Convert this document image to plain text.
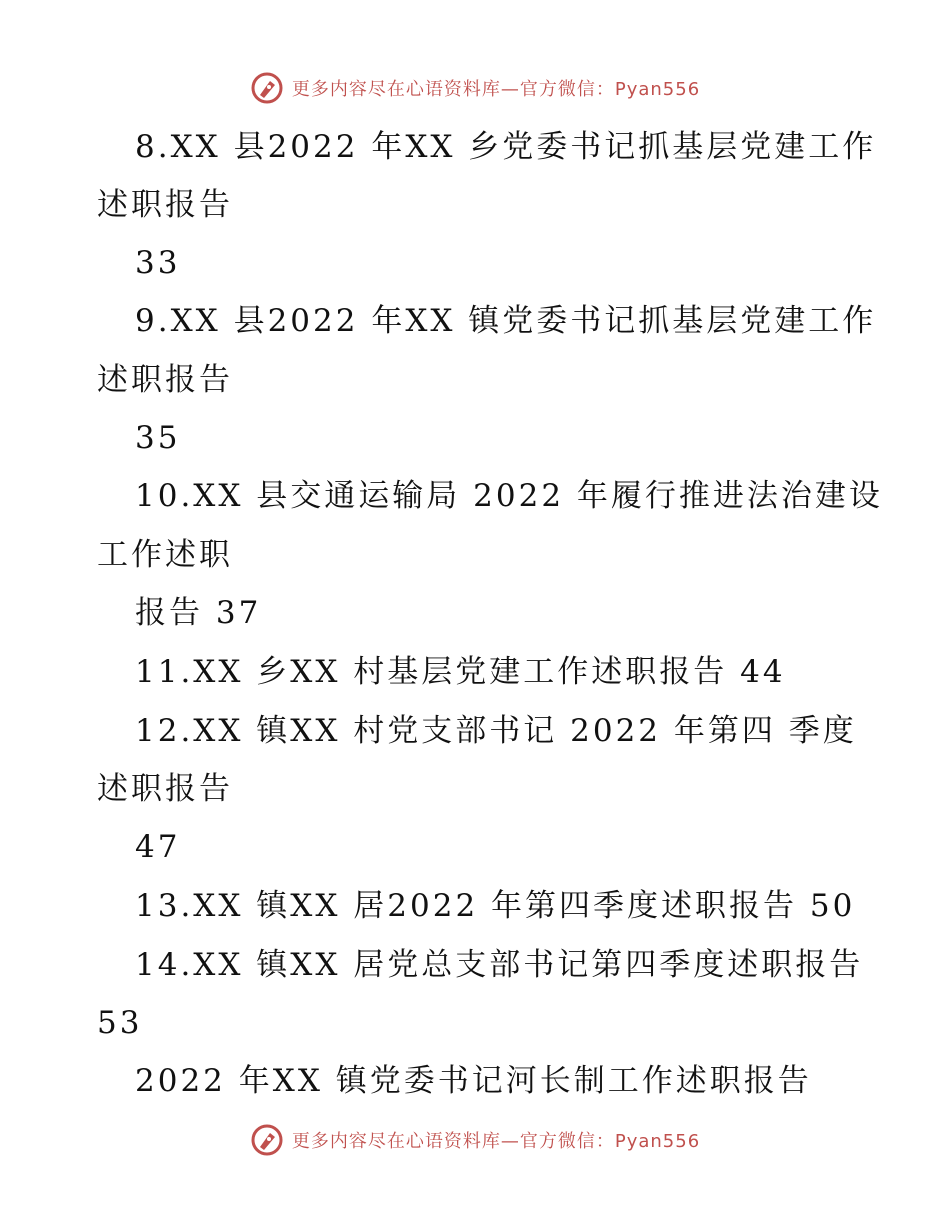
更多内容尽在心语资料库—官方微信：Pyan556
8.XX 县2022 年XX 乡党委书记抓基层党建工作
述职报告
33
9.XX 县2022 年XX 镇党委书记抓基层党建工作
述职报告
35
10.XX 县交通运输局 2022 年履行推进法治建设
工作述职
报告 37
11.XX 乡XX 村基层党建工作述职报告 44
12.XX 镇XX 村党支部书记 2022 年第四 季度
述职报告
47
13.XX 镇XX 居2022 年第四季度述职报告 50
14.XX 镇XX 居党总支部书记第四季度述职报告
53
2022 年XX 镇党委书记河长制工作述职报告
更多内容尽在心语资料库—官方微信：Pyan556
